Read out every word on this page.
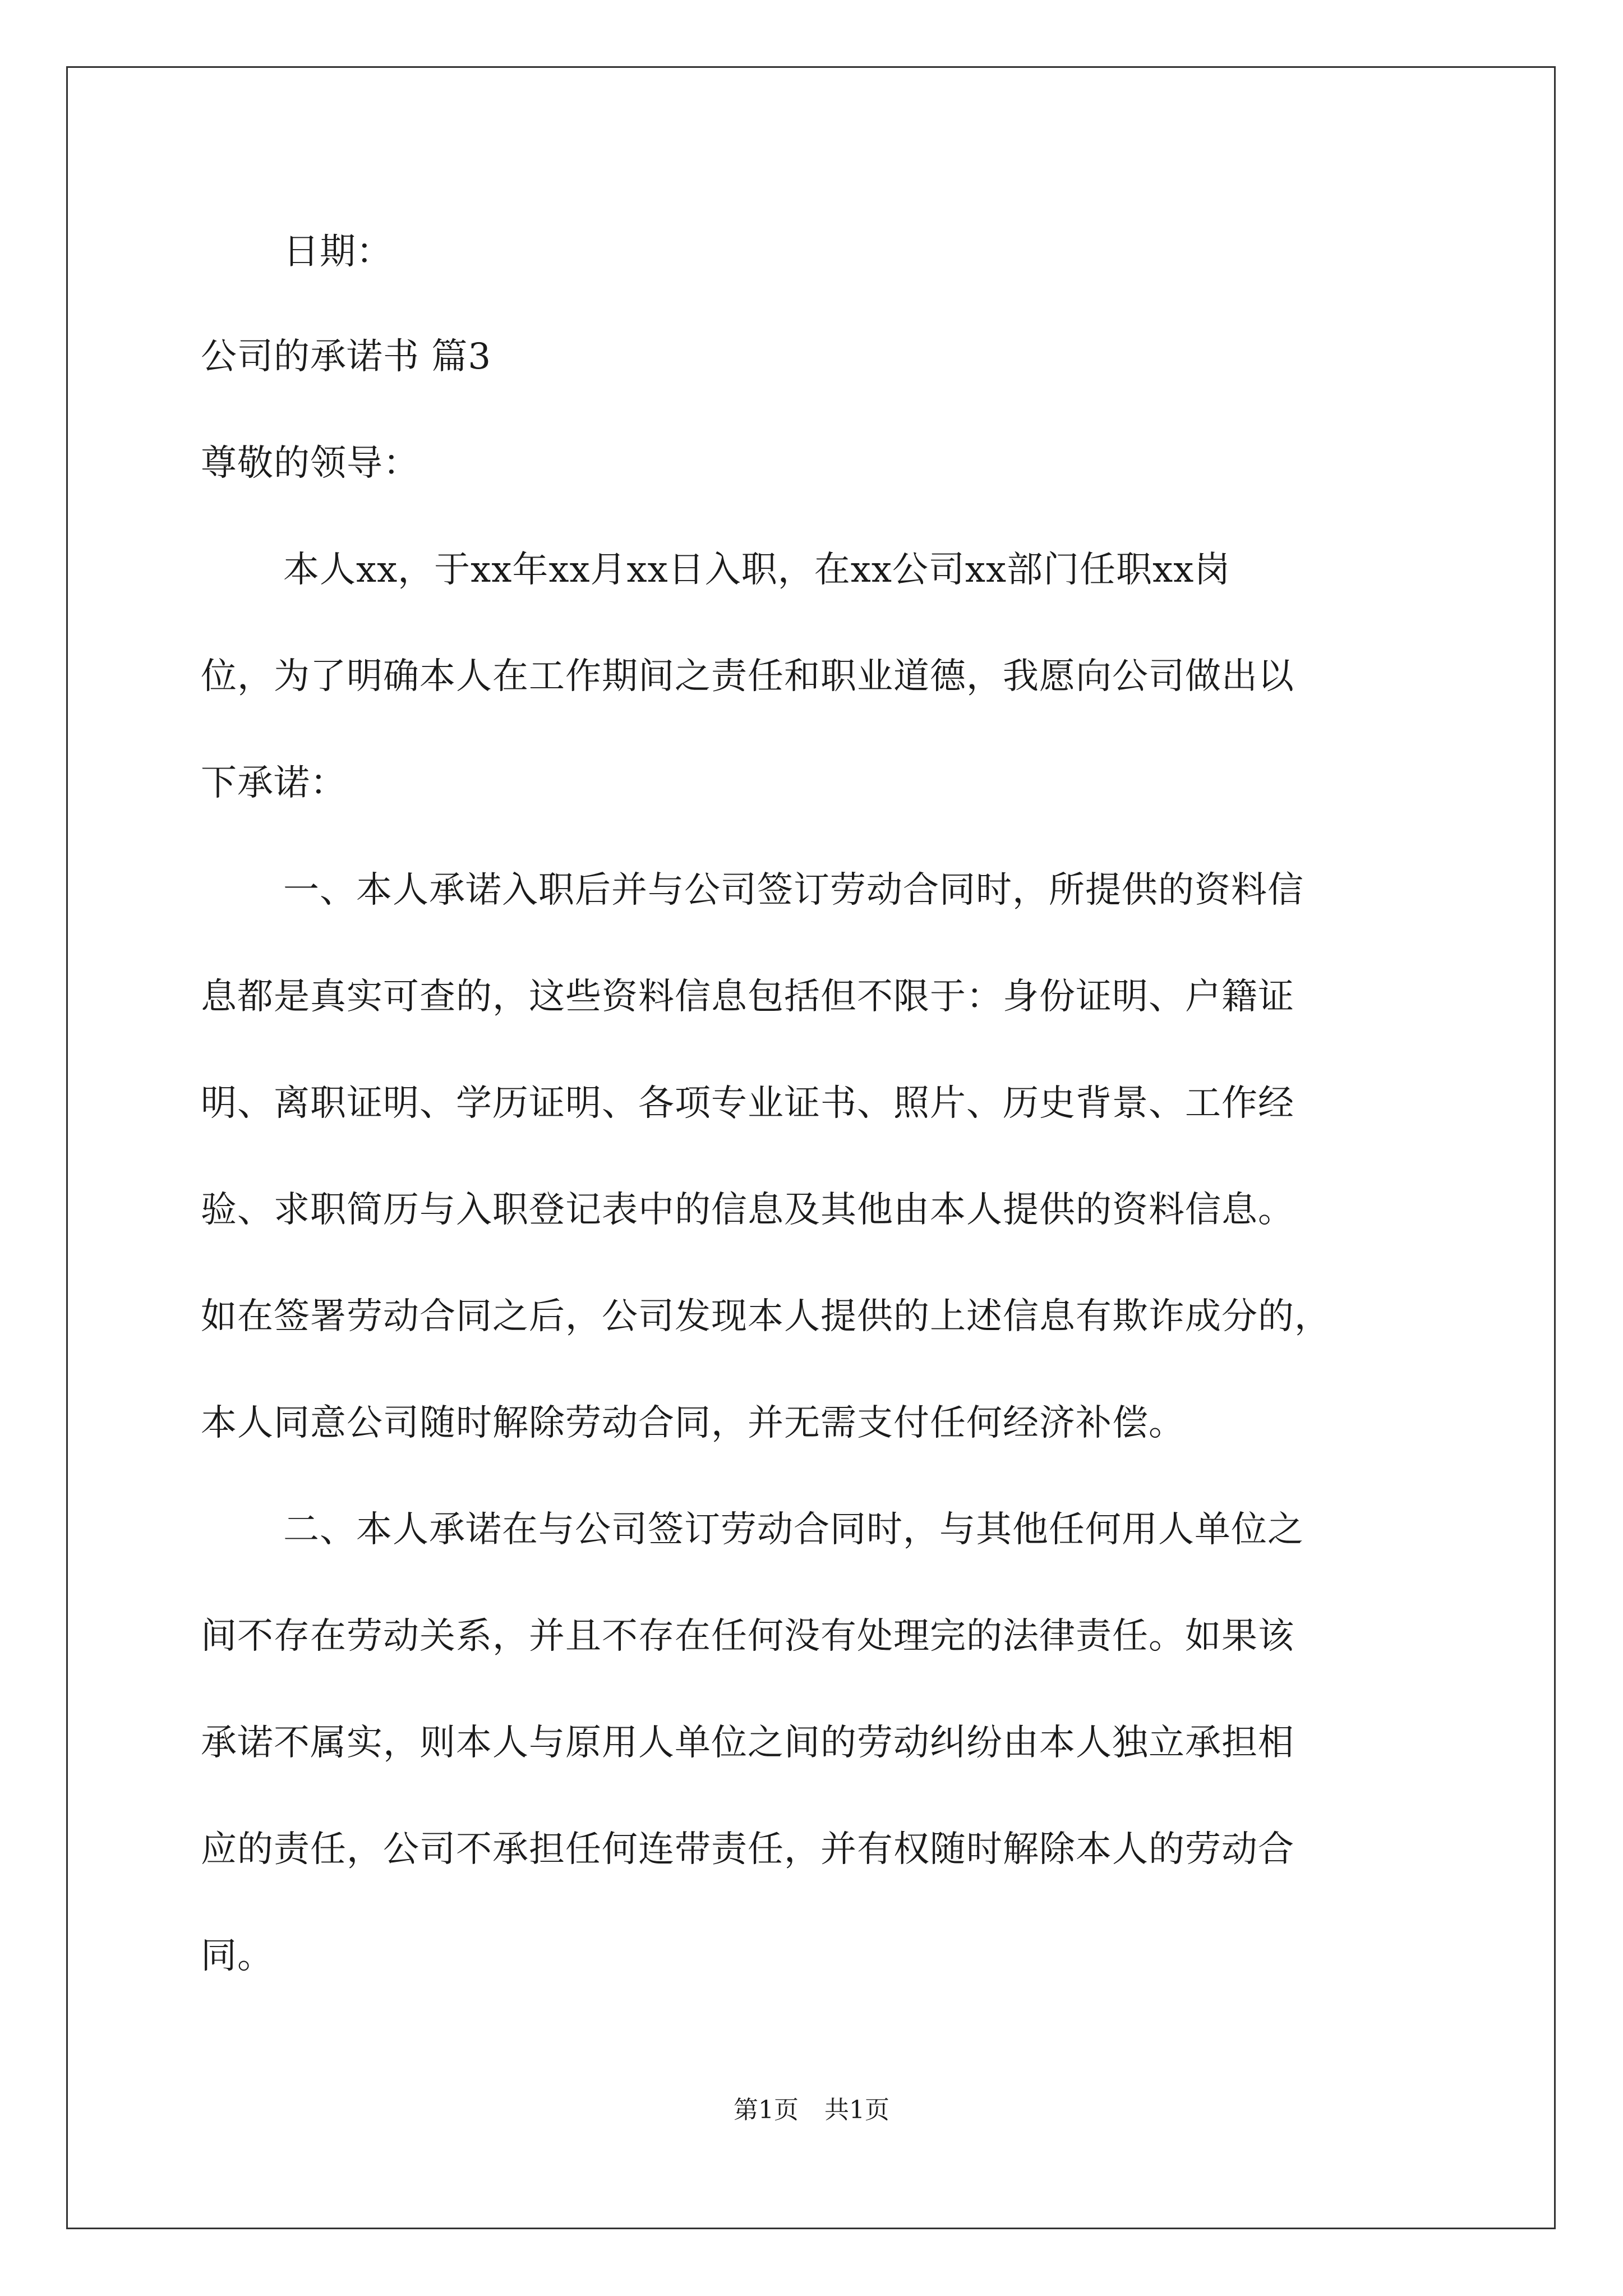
日期：
公司的承诺书 篇3
尊敬的领导：
本人xx，于xx年xx月xx日入职，在xx公司xx部门任职xx岗
位，为了明确本人在工作期间之责任和职业道德，我愿向公司做出以
下承诺：
一、本人承诺入职后并与公司签订劳动合同时，所提供的资料信
息都是真实可查的，这些资料信息包括但不限于：身份证明、户籍证
明、离职证明、学历证明、各项专业证书、照片、历史背景、工作经
验、求职简历与入职登记表中的信息及其他由本人提供的资料信息。
如在签署劳动合同之后，公司发现本人提供的上述信息有欺诈成分的，
本人同意公司随时解除劳动合同，并无需支付任何经济补偿。
二、本人承诺在与公司签订劳动合同时，与其他任何用人单位之
间不存在劳动关系，并且不存在任何没有处理完的法律责任。如果该
承诺不属实，则本人与原用人单位之间的劳动纠纷由本人独立承担相
应的责任，公司不承担任何连带责任，并有权随时解除本人的劳动合
同。
第1页 共1页
